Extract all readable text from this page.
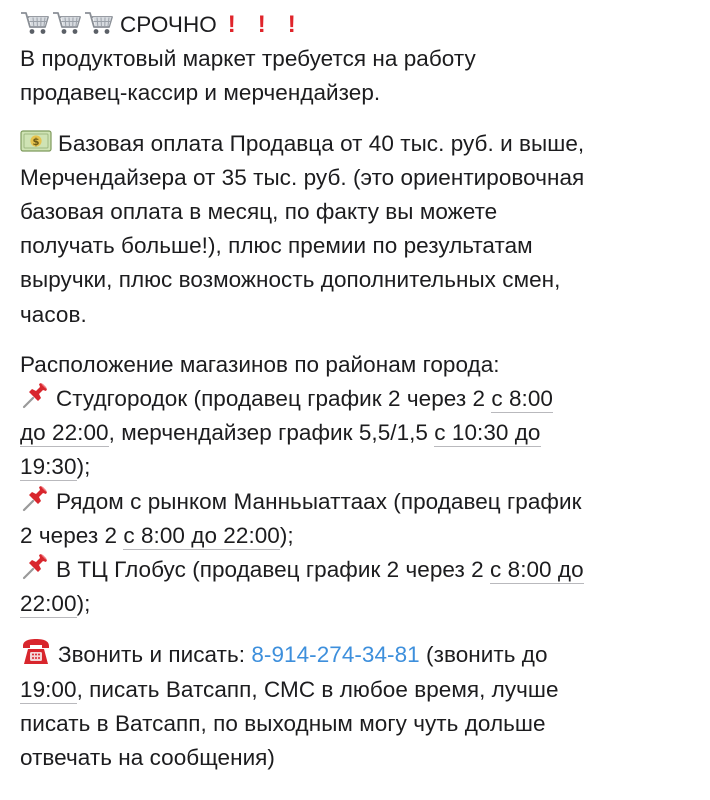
СРОЧНО ! ! !
В продуктовый маркет требуется на работу
продавец-кассир и мерчендайзер.

$ Базовая оплата Продавца от 40 тыс. руб. и выше,
Мерчендайзера от 35 тыс. руб. (это ориентировочная
базовая оплата в месяц, по факту вы можете
получать больше!), плюс премии по результатам
выручки, плюс возможность дополнительных смен,
часов.

Расположение магазинов по районам города:
Студгородок (продавец график 2 через 2 с 8:00
до 22:00, мерчендайзер график 5,5/1,5 с 10:30 до
19:30);
Рядом с рынком Манньыаттаах (продавец график
2 через 2 с 8:00 до 22:00);
В ТЦ Глобус (продавец график 2 через 2 с 8:00 до
22:00);

Звонить и писать: 8-914-274-34-81 (звонить до
19:00, писать Ватсапп, СМС в любое время, лучше
писать в Ватсапп, по выходным могу чуть дольше
отвечать на сообщения)
